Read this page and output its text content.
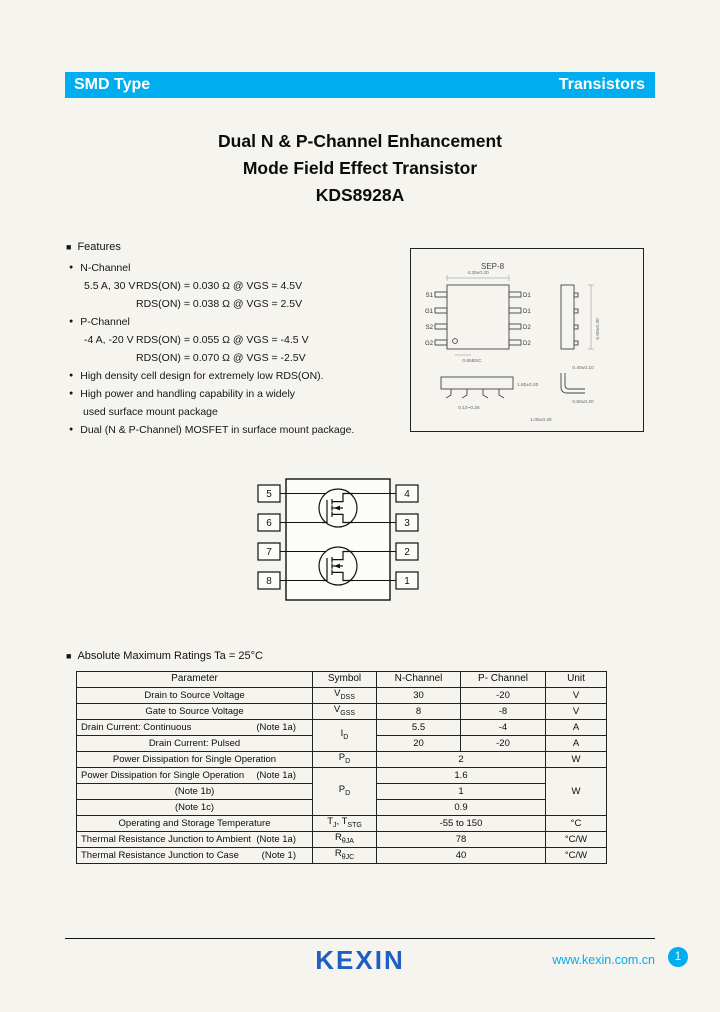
SMD Type	Transistors
Dual N & P-Channel Enhancement
Mode Field Effect Transistor
KDS8928A
■ Features
● N-Channel
5.5 A, 30 V RDS(ON) = 0.030 Ω @ VGS = 4.5V
RDS(ON) = 0.038 Ω @ VGS = 2.5V
● P-Channel
-4 A, -20 V RDS(ON) = 0.055 Ω @ VGS = -4.5 V
RDS(ON) = 0.070 Ω @ VGS = -2.5V
● High density cell design for extremely low RDS(ON).
● High power and handling capability in a widely
used surface mount package
● Dual (N & P-Channel) MOSFET in surface mount package.
SEP-8
S1
G1
S2
G2
D1
D1
D2
D2
4.30±0.20
0.65BSC
6.00±0.30
1.60±0.20
0.10~0.25
0.40±0.10
0.50±0.20
1.05±0.25
5
6
7
8
4
3
2
1
■ Absolute Maximum Ratings Ta = 25°C
Parameter	Symbol	N-Channel	P- Channel	Unit
Drain to Source Voltage	$V_{DSS}$	30	-20	V
Gate to Source Voltage	$V_{GSS}$	8	-8	V

Drain Current: Continuous (Note 1a)	$I_D$	5.5	-4	A
Drain Current: Pulsed		20	-20	A
Power Dissipation for Single Operation	$P_D$	2		W

Power Dissipation for Single Operation (Note 1a)	$P_D$	1.6		W
(Note 1b)		1		
(Note 1c)		0.9		
Operating and Storage Temperature	$T_J$, $T_{STG}$	-55 to 150		°C

Thermal Resistance Junction to Ambient (Note 1a)	$R_{\theta JA}$	78		°C/W

Thermal Resistance Junction to Case (Note 1)	$R_{\theta JC}$	40		°C/W
KEXIN	www.kexin.com.cn	1
